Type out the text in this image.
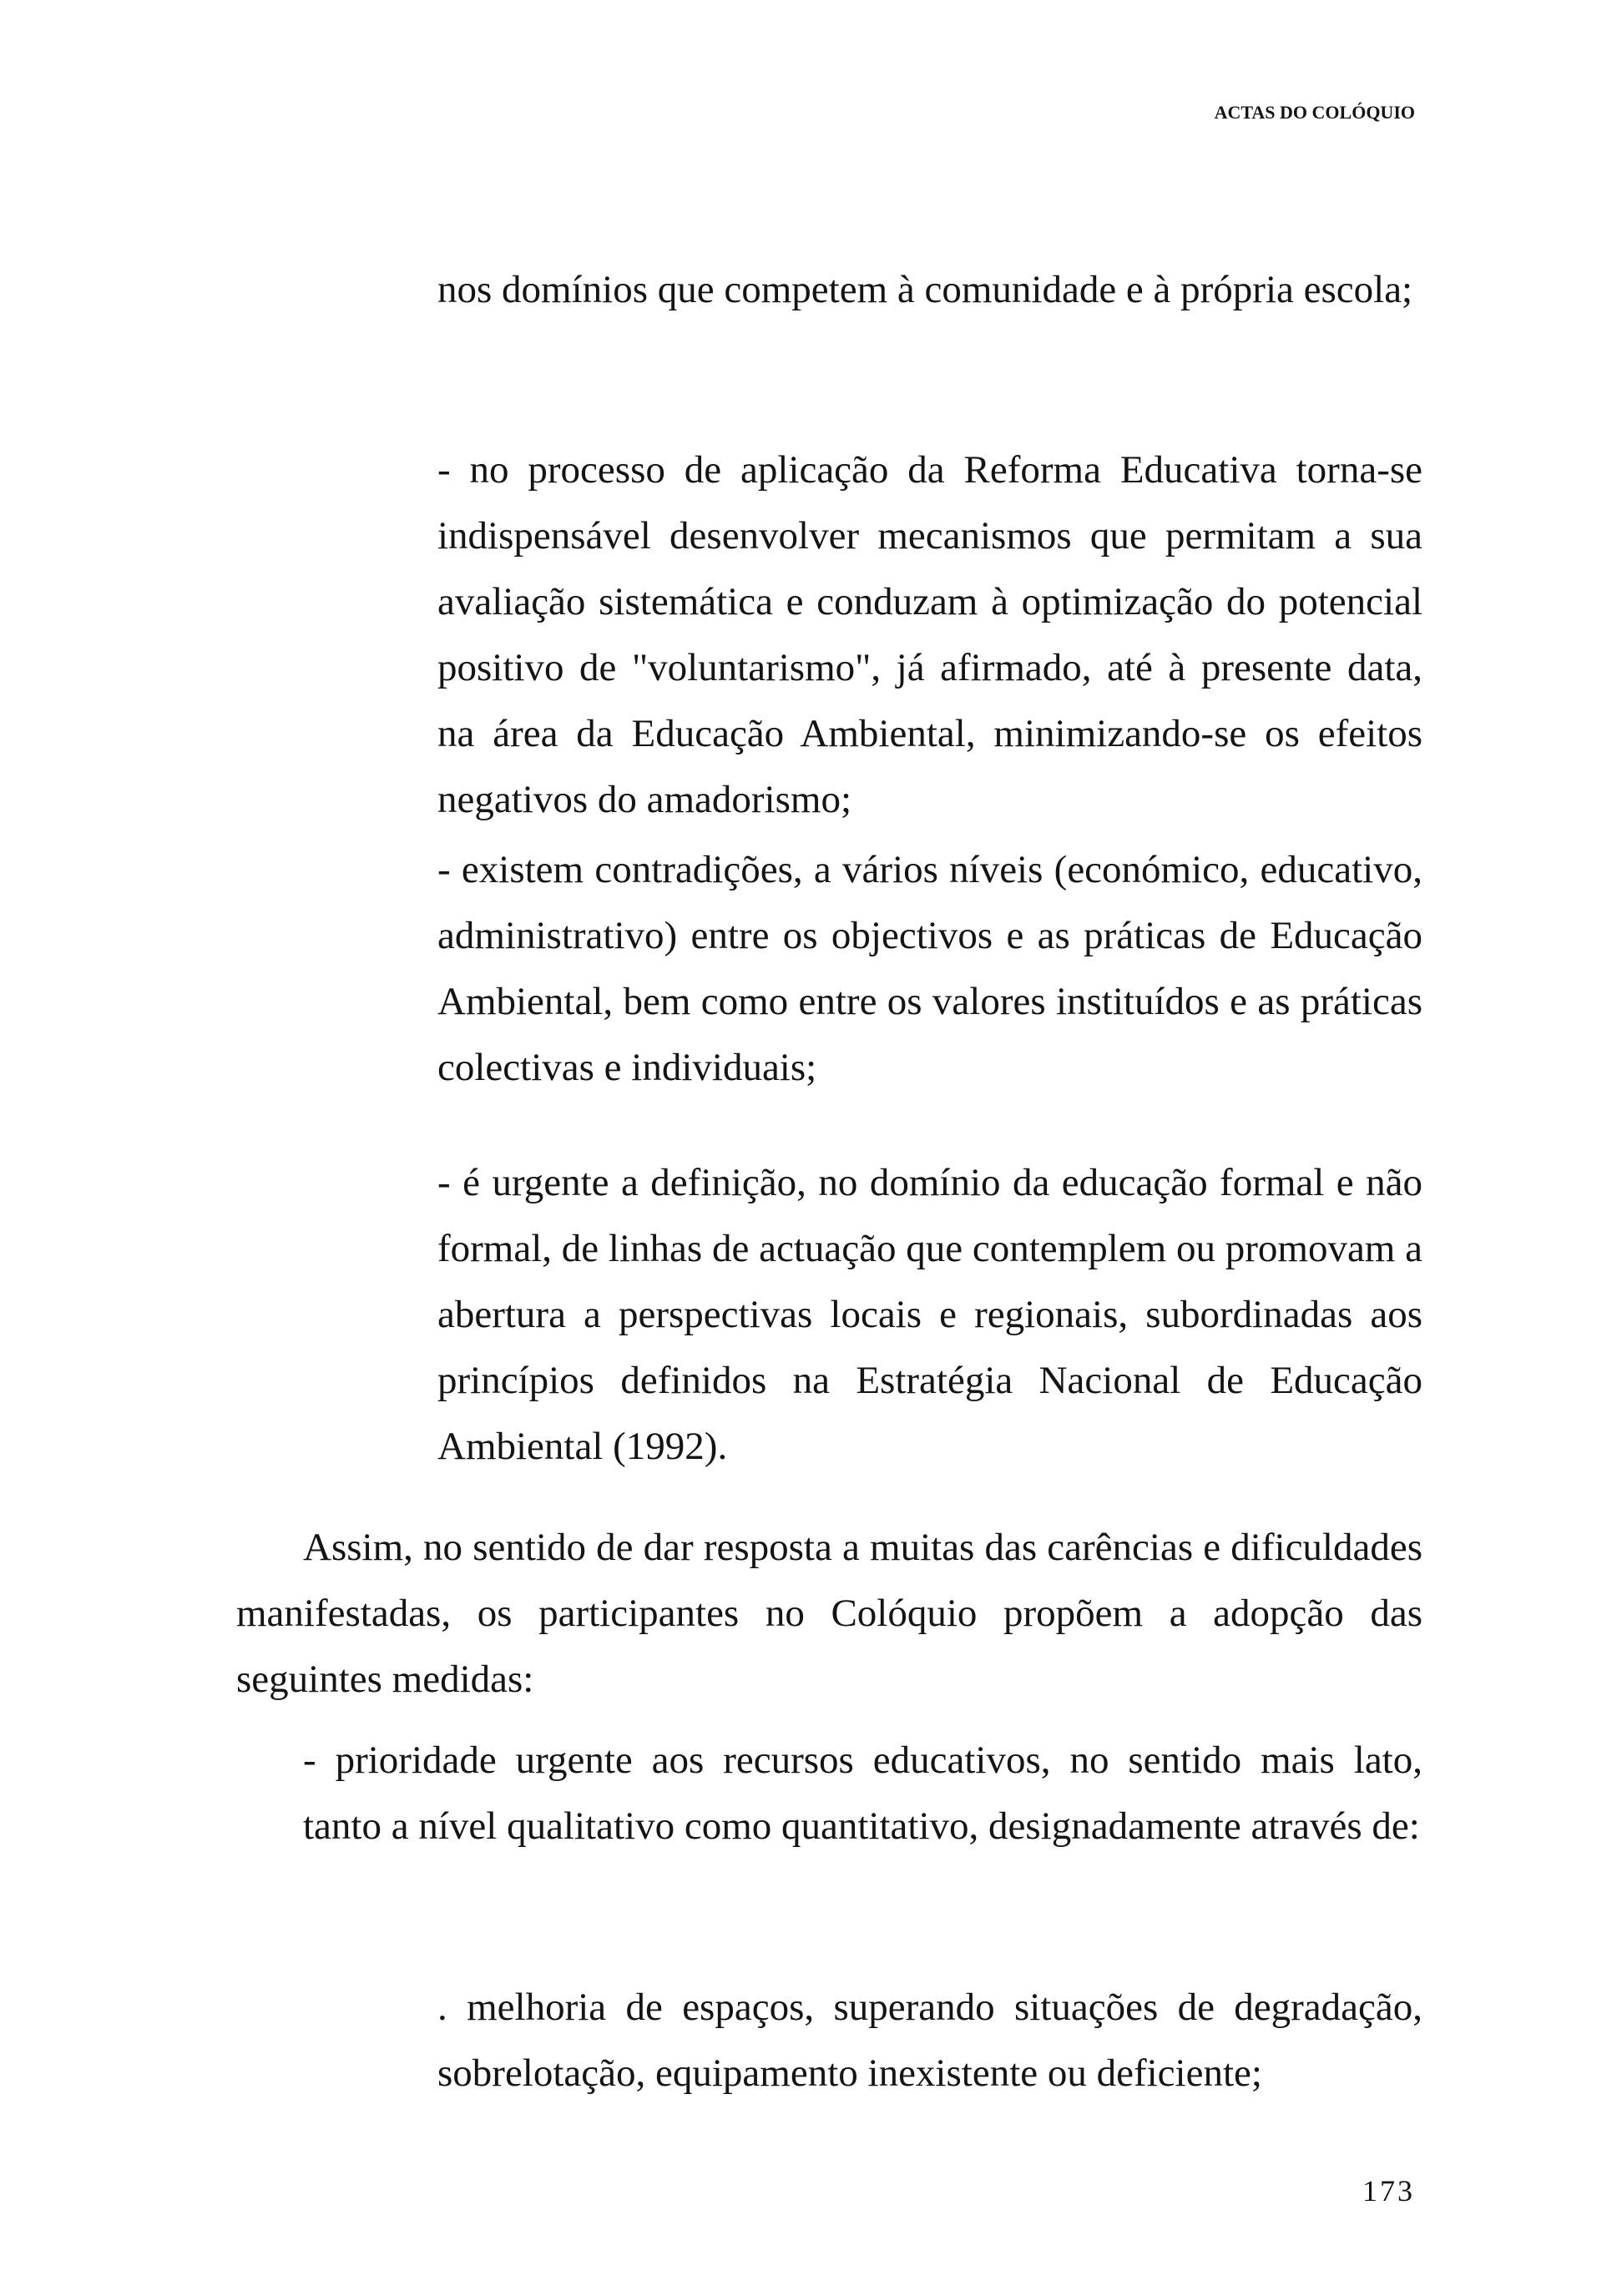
ACTAS DO COLÓQUIO

nos domínios que competem à comunidade e à própria escola;

- no processo de aplicação da Reforma Educativa torna-se indispensável desenvolver mecanismos que permitam a sua avaliação sistemática e conduzam à optimização do potencial positivo de "voluntarismo", já afirmado, até à presente data, na área da Educação Ambiental, minimizando-se os efeitos negativos do amadorismo;

- existem contradições, a vários níveis (económico, educativo, administrativo) entre os objectivos e as práticas de Educação Ambiental, bem como entre os valores instituídos e as práticas colectivas e individuais;

- é urgente a definição, no domínio da educação formal e não formal, de linhas de actuação que contemplem ou promovam a abertura a perspectivas locais e regionais, subordinadas aos princípios definidos na Estratégia Nacional de Educação Ambiental (1992).

Assim, no sentido de dar resposta a muitas das carências e dificuldades manifestadas, os participantes no Colóquio propõem a adopção das seguintes medidas:

- prioridade urgente aos recursos educativos, no sentido mais lato, tanto a nível qualitativo como quantitativo, designadamente através de:

. melhoria de espaços, superando situações de degradação, sobrelotação, equipamento inexistente ou deficiente;

173
